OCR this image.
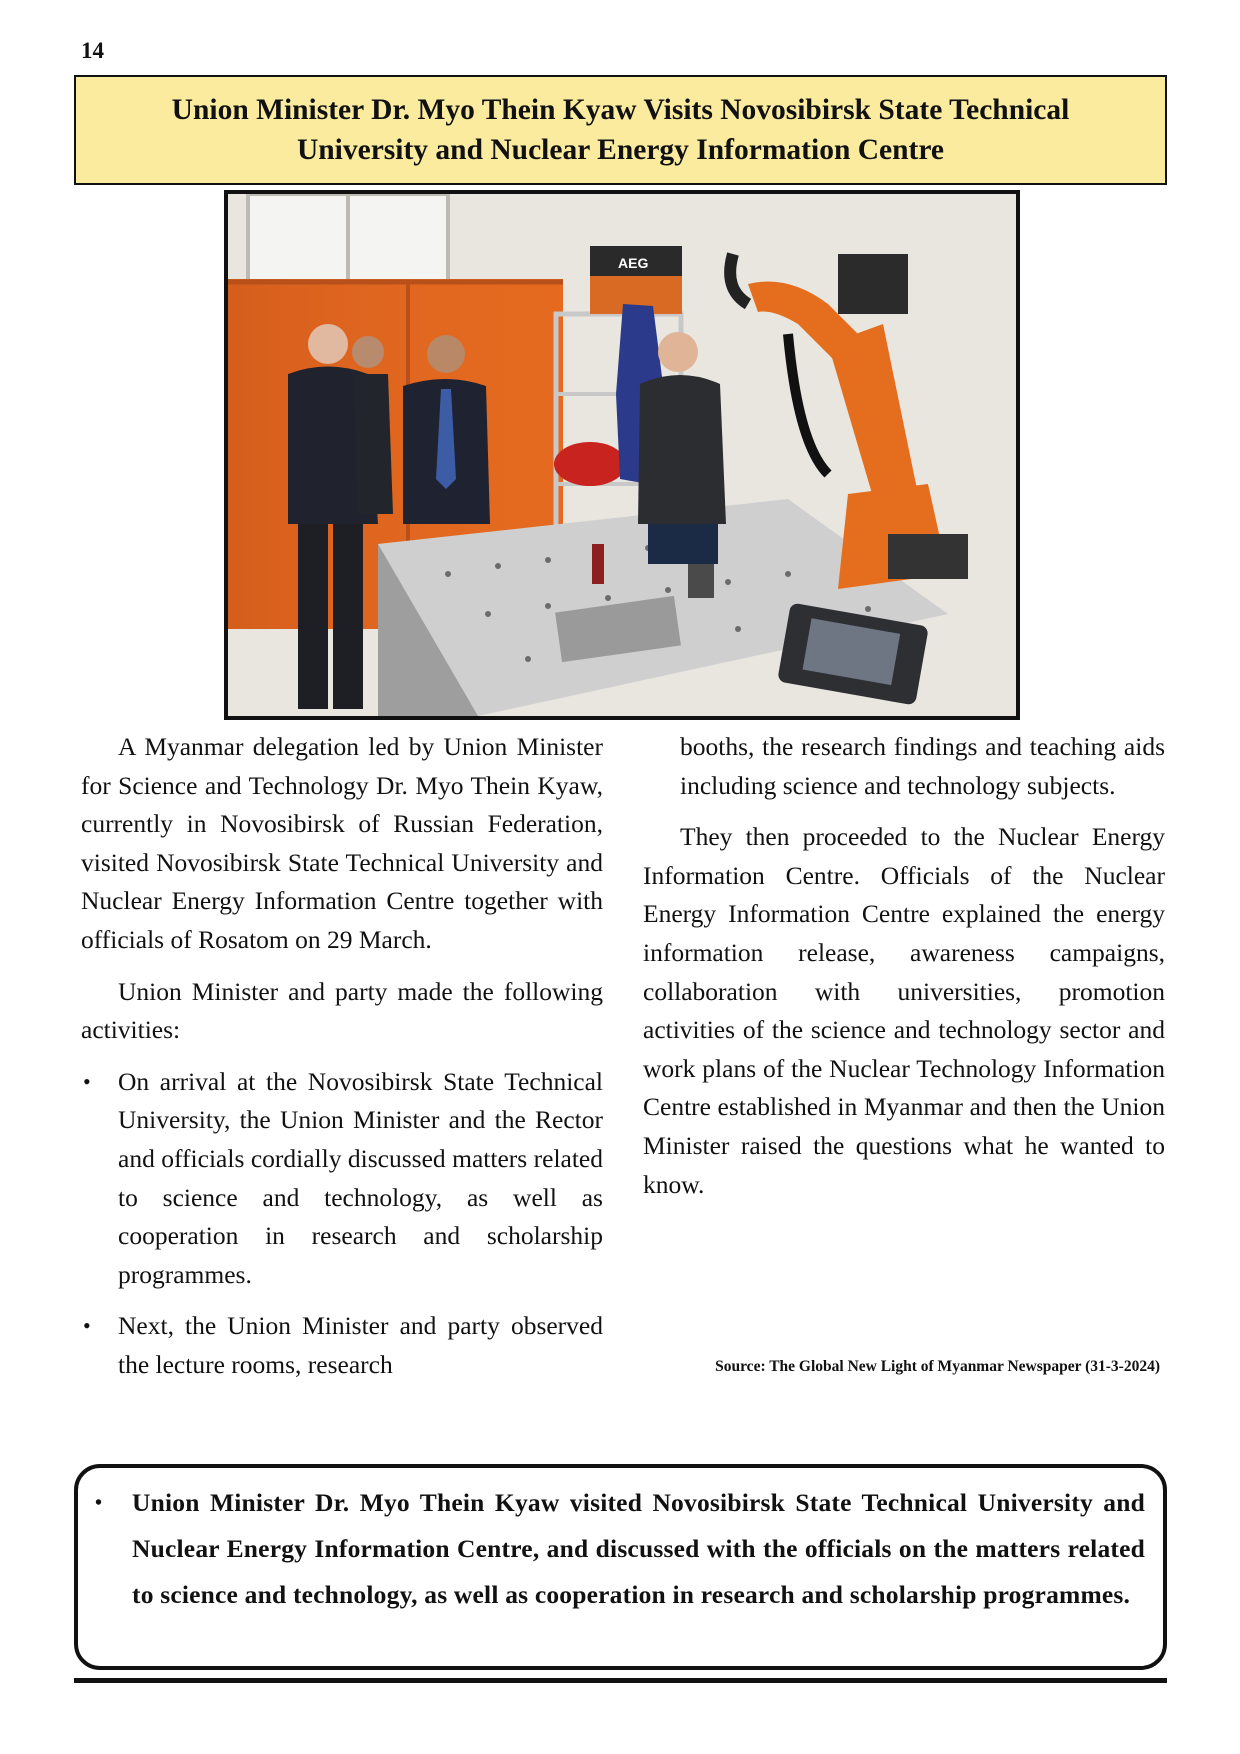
14
Union Minister Dr. Myo Thein Kyaw Visits Novosibirsk State Technical
University and Nuclear Energy Information Centre
AEG

A Myanmar delegation led by Union Minister for Science and Technology Dr. Myo Thein Kyaw, currently in Novosibirsk of Russian Federation, visited Novosibirsk State Technical University and Nuclear Energy Information Centre together with officials of Rosatom on 29 March.

Union Minister and party made the following activities:

• On arrival at the Novosibirsk State Technical University, the Union Minister and the Rector and officials cordially discussed matters related to science and technology, as well as cooperation in research and scholarship programmes.
• Next, the Union Minister and party observed the lecture rooms, research

booths, the research findings and teaching aids including science and technology subjects.

They then proceeded to the Nuclear Energy Information Centre. Officials of the Nuclear Energy Information Centre explained the energy information release, awareness campaigns, collaboration with universities, promotion activities of the science and technology sector and work plans of the Nuclear Technology Information Centre established in Myanmar and then the Union Minister raised the questions what he wanted to know.

Source: The Global New Light of Myanmar Newspaper (31-3-2024)
• Union Minister Dr. Myo Thein Kyaw visited Novosibirsk State Technical University and Nuclear Energy Information Centre, and discussed with the officials on the matters related to science and technology, as well as cooperation in research and scholarship programmes.
